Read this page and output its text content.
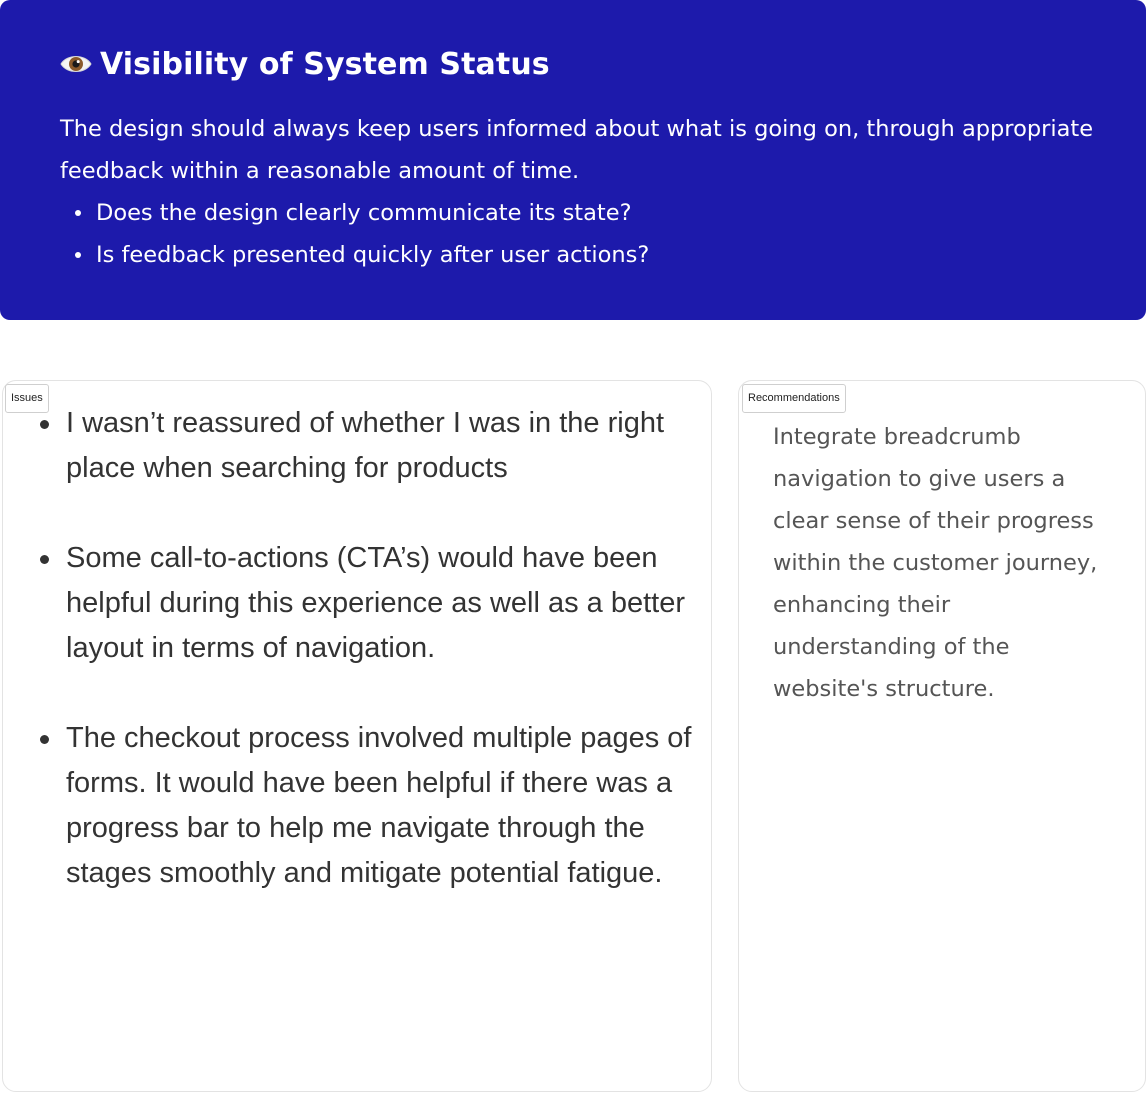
Visibility of System Status

The design should always keep users informed about what is going on, through appropriate feedback within a reasonable amount of time.

Does the design clearly communicate its state?
Is feedback presented quickly after user actions?
Issues
I wasn’t reassured of whether I was in the right place when searching for products
Some call-to-actions (CTA’s) would have been helpful during this experience as well as a better layout in terms of navigation.
The checkout process involved multiple pages of forms. It would have been helpful if there was a progress bar to help me navigate through the stages smoothly and mitigate potential fatigue.
Recommendations

Integrate breadcrumb navigation to give users a clear sense of their progress within the customer journey, enhancing their understanding of the website's structure.
